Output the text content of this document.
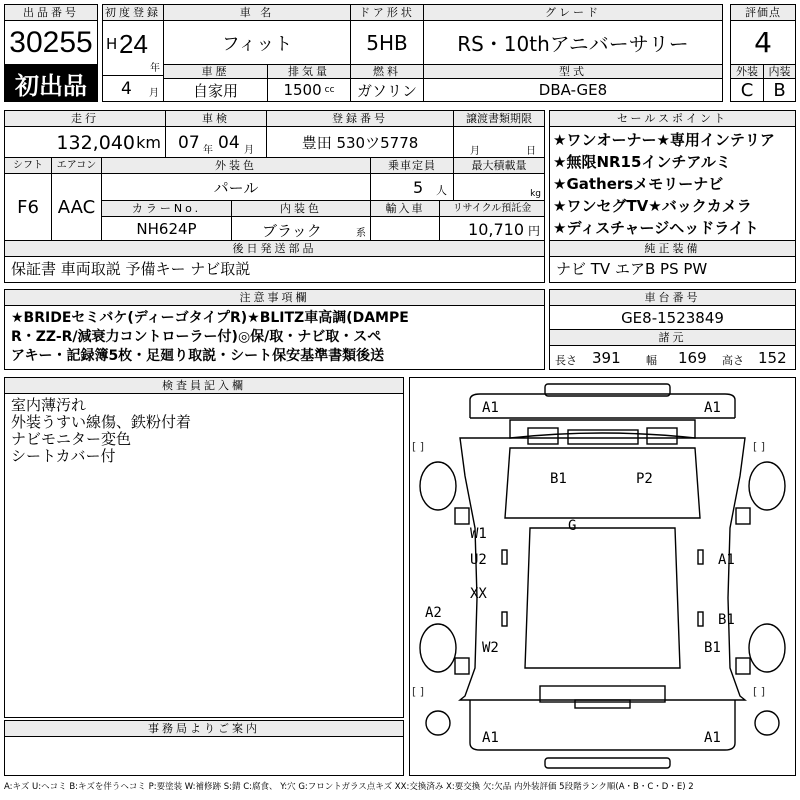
出品番号
30255
初出品
初度登録
H 24
年
4 月
車 名
フィット
ドア形状
5HB
グレード
RS・10thアニバーサリー
車歴
自家用
排気量
1500 cc
燃料
ガソリン
型式
DBA-GE8
評価点
4
外装 内装
C	B
走行
132,040 km
車検
07 年 04 月
登録番号
豊田 530ツ5778
譲渡書類期限
月	日
セールスポイント
★ワンオーナー★専用インテリア
★無限NR15インチアルミ
★Gathersメモリーナビ
★ワンセグTV★バックカメラ
★ディスチャージヘッドライト
シフト
F6
エアコン
AAC
外装色
パール
乗車定員
5 人
最大積載量
kg
カラーNo.
NH624P
内装色
ブラック	系
輸入車	リサイクル預託金
10,710 円
後日発送部品
保証書 車両取説 予備キー ナビ取説
純正装備
ナビ TV エアB PS PW
注意事項欄
★BRIDEセミバケ(ディーゴタイプR)★BLITZ車高調(DAMPE
R・ZZ-R/減衰力コントローラー付)◎保/取・ナビ取・スペ
アキー・記録簿5枚・足廻り取説・シート保安基準書類後送
車台番号
GE8-1523849
諸元
長さ 391 幅 169 高さ 152
検査員記入欄
室内薄汚れ
外装うすい線傷、鉄粉付着
ナビモニター変色
シートカバー付
事務局よりご案内
A1	A1
B1	P2
G
W1
U2	A1
XX
A2	B1
W2	B1
A1	A1
[ ]	[ ]
[ ]	[ ]
A:キズ U:ヘコミ B:キズを伴うヘコミ P:要塗装 W:補修跡 S:錆 C:腐食、 Y:穴 G:フロントガラス点キズ XX:交換済み X:要交換 欠:欠品 内外装評価 5段階ランク順(A・B・C・D・E) 2
